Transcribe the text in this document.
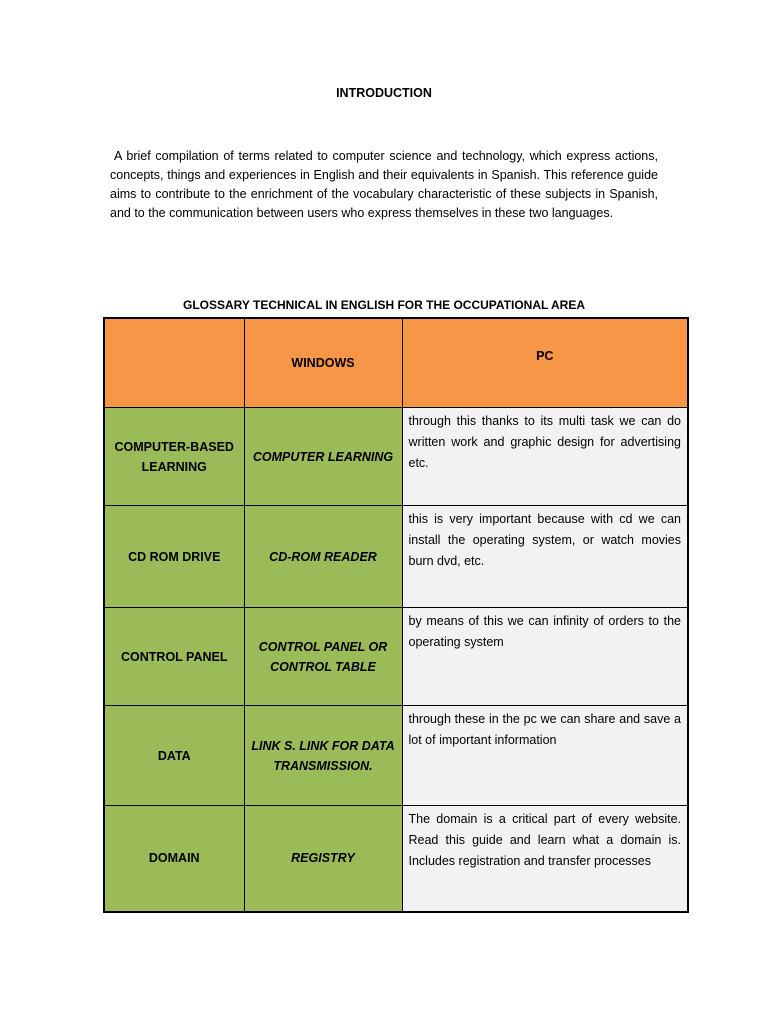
INTRODUCTION

A brief compilation of terms related to computer science and technology, which express actions, concepts, things and experiences in English and their equivalents in Spanish. This reference guide aims to contribute to the enrichment of the vocabulary characteristic of these subjects in Spanish, and to the communication between users who express themselves in these two languages.

GLOSSARY TECHNICAL IN ENGLISH FOR THE OCCUPATIONAL AREA
	WINDOWS	PC

COMPUTER-BASED LEARNING	COMPUTER LEARNING	through this thanks to its multi task we can do written work and graphic design for advertising etc.

CD ROM DRIVE	CD-ROM READER	this is very important because with cd we can install the operating system, or watch movies burn dvd, etc.

CONTROL PANEL	CONTROL PANEL OR CONTROL TABLE	by means of this we can infinity of orders to the operating system

DATA	LINK S. LINK FOR DATA TRANSMISSION.	through these in the pc we can share and save a lot of important information

DOMAIN	REGISTRY	The domain is a critical part of every website. Read this guide and learn what a domain is. Includes registration and transfer processes
